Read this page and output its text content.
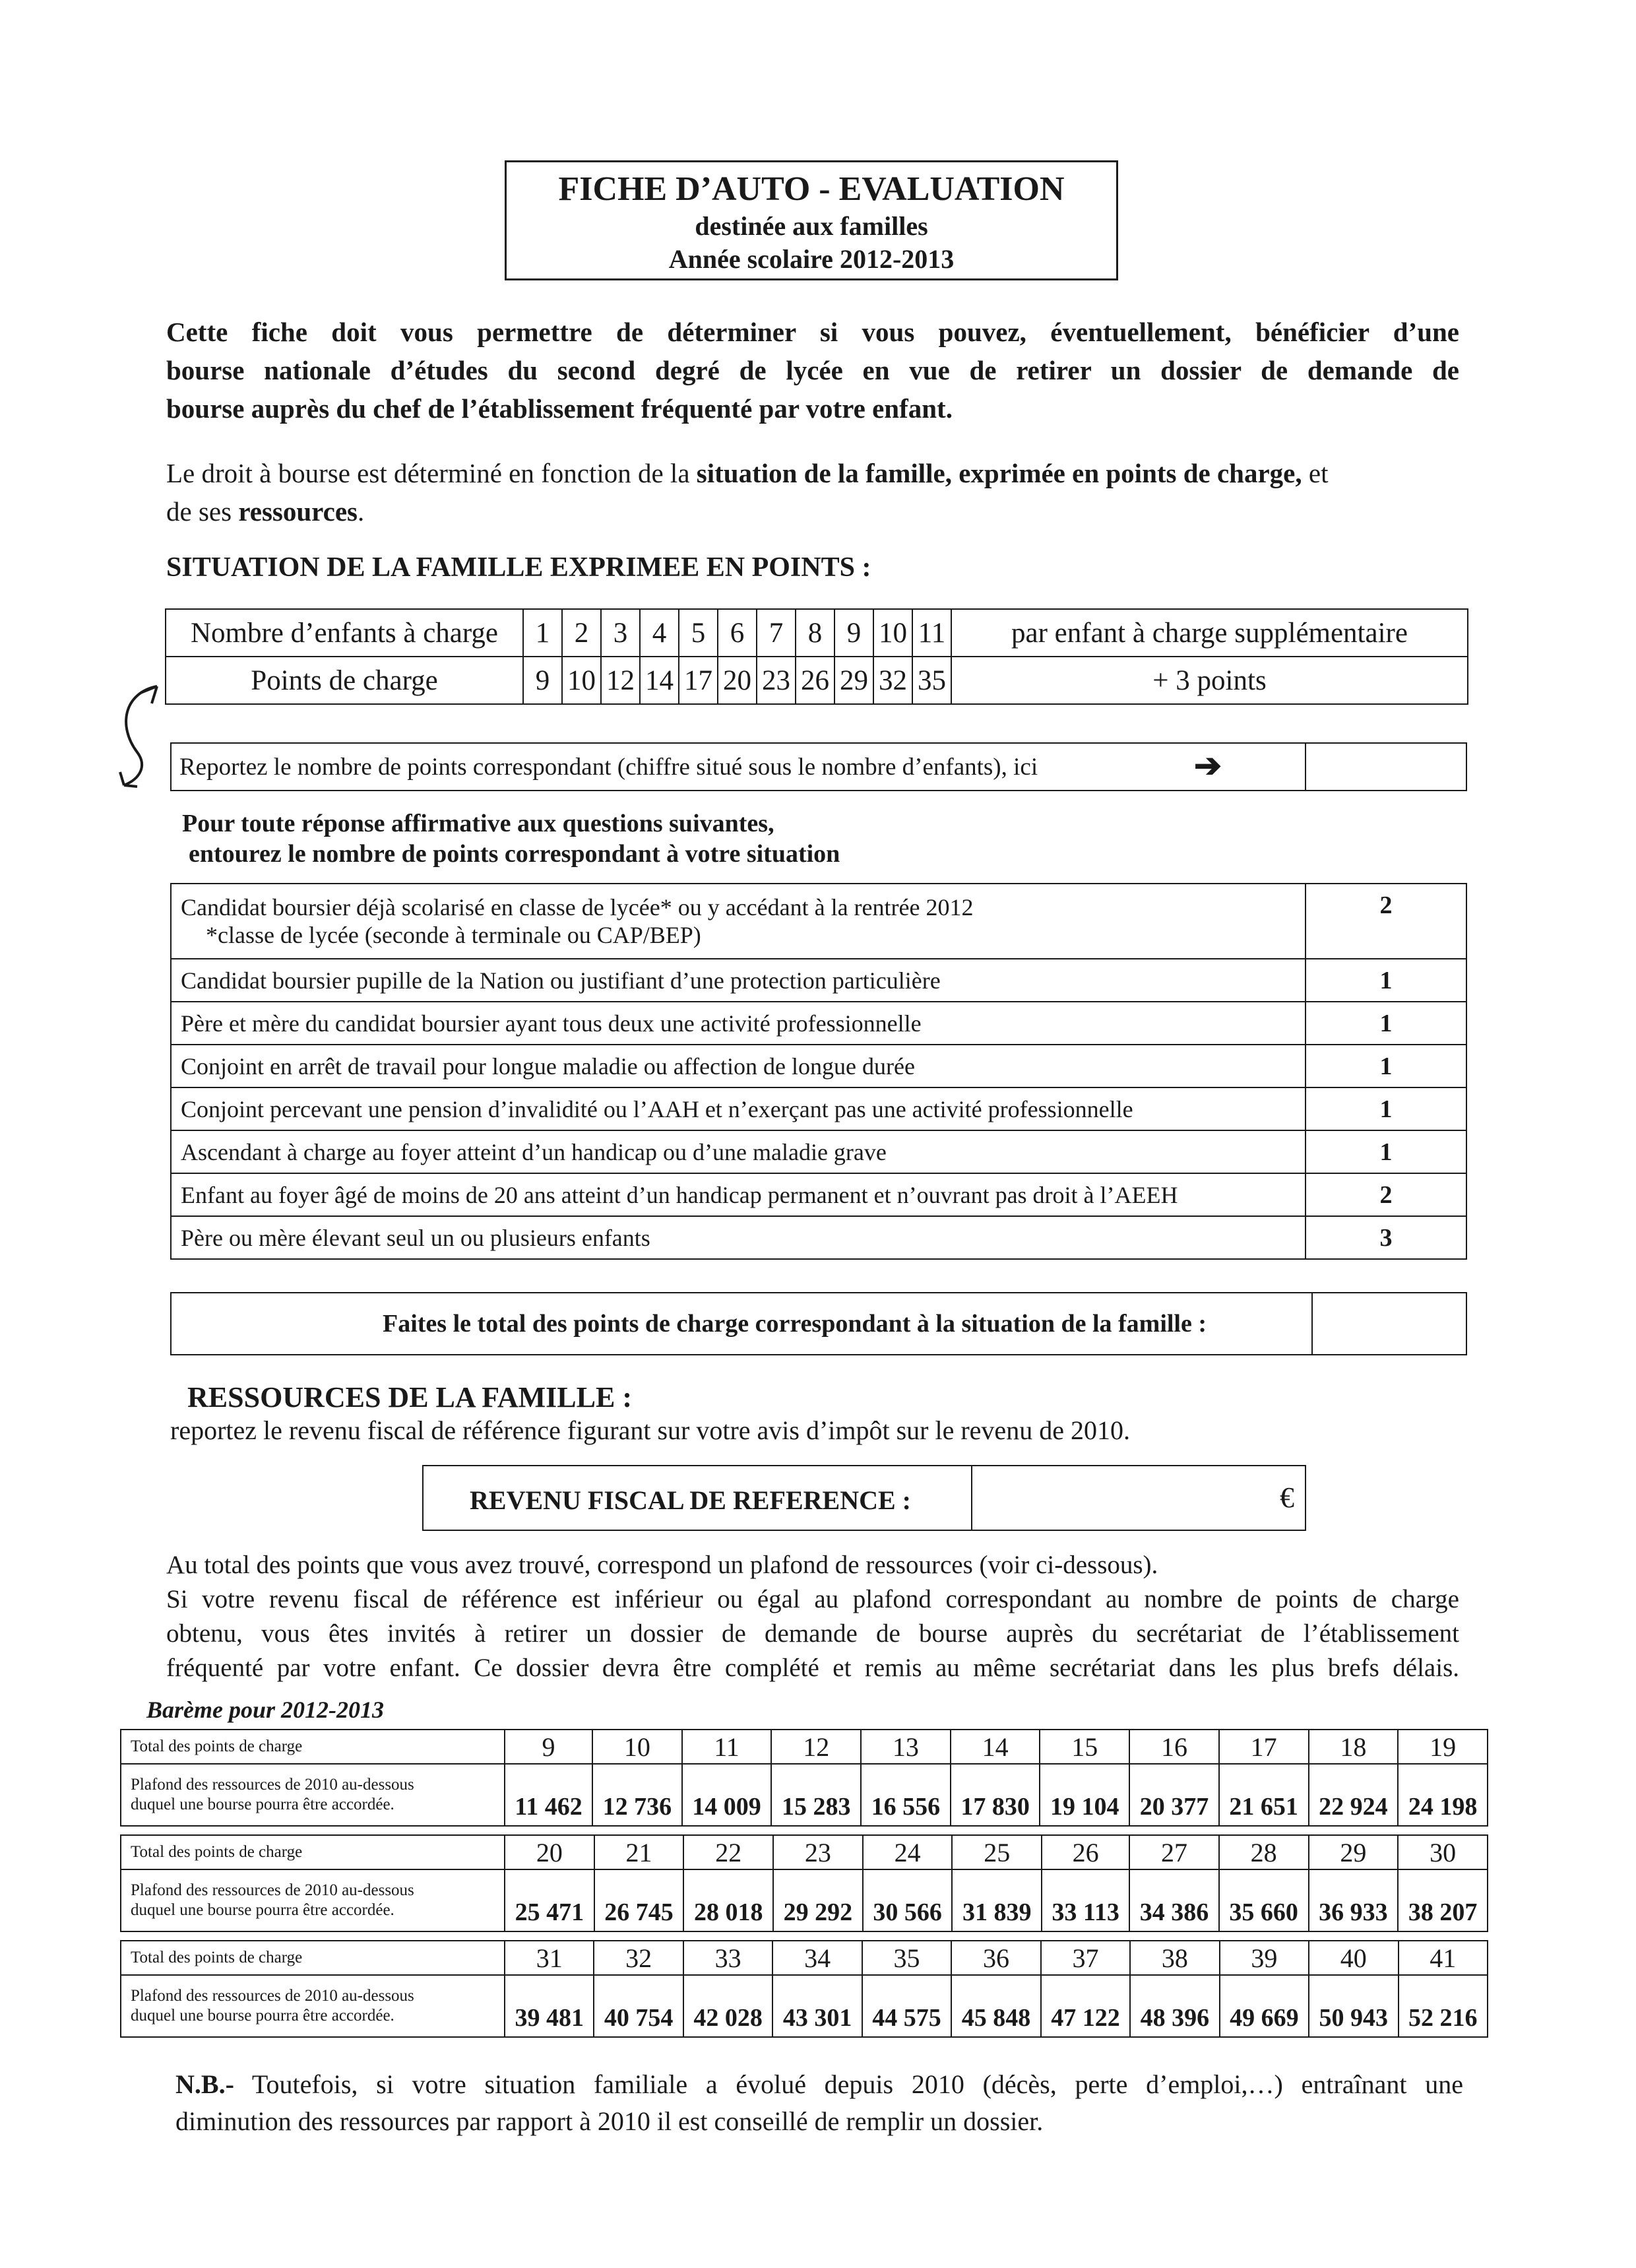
FICHE D’AUTO - EVALUATION
destinée aux familles
Année scolaire 2012-2013
Cette fiche doit vous permettre de déterminer si vous pouvez, éventuellement, bénéficier d’une
bourse nationale d’études du second degré de lycée en vue de retirer un dossier de demande de
bourse auprès du chef de l’établissement fréquenté par votre enfant.
Le droit à bourse est déterminé en fonction de la situation de la famille, exprimée en points de charge, et
de ses ressources.
SITUATION DE LA FAMILLE EXPRIMEE EN POINTS :
Nombre d’enfants à charge	1	2	3	4	5	6	7	8	9	10	11	par enfant à charge supplémentaire
Points de charge	9	10	12	14	17	20	23	26	29	32	35	+ 3 points
Reportez le nombre de points correspondant (chiffre situé sous le nombre d’enfants), ici	➔
Pour toute réponse affirmative aux questions suivantes,
entourez le nombre de points correspondant à votre situation
Candidat boursier déjà scolarisé en classe de lycée* ou y accédant à la rentrée 2012
*classe de lycée (seconde à terminale ou CAP/BEP)	2
Candidat boursier pupille de la Nation ou justifiant d’une protection particulière	1
Père et mère du candidat boursier ayant tous deux une activité professionnelle	1
Conjoint en arrêt de travail pour longue maladie ou affection de longue durée	1
Conjoint percevant une pension d’invalidité ou l’AAH et n’exerçant pas une activité professionnelle	1
Ascendant à charge au foyer atteint d’un handicap ou d’une maladie grave	1
Enfant au foyer âgé de moins de 20 ans atteint d’un handicap permanent et n’ouvrant pas droit à l’AEEH	2
Père ou mère élevant seul un ou plusieurs enfants	3
Faites le total des points de charge correspondant à la situation de la famille :
RESSOURCES DE LA FAMILLE :
reportez le revenu fiscal de référence figurant sur votre avis d’impôt sur le revenu de 2010.
REVENU FISCAL DE REFERENCE :	€
Au total des points que vous avez trouvé, correspond un plafond de ressources (voir ci-dessous).
Si votre revenu fiscal de référence est inférieur ou égal au plafond correspondant au nombre de points de charge
obtenu, vous êtes invités à retirer un dossier de demande de bourse auprès du secrétariat de l’établissement
fréquenté par votre enfant. Ce dossier devra être complété et remis au même secrétariat dans les plus brefs délais.
Barème pour 2012-2013
Total des points de charge	9	10	11	12	13	14	15	16	17	18	19

Plafond des ressources de 2010 au-dessous
duquel une bourse pourra être accordée.	11 462	12 736	14 009	15 283	16 556	17 830	19 104	20 377	21 651	22 924	24 198
Total des points de charge	20	21	22	23	24	25	26	27	28	29	30

Plafond des ressources de 2010 au-dessous
duquel une bourse pourra être accordée.	25 471	26 745	28 018	29 292	30 566	31 839	33 113	34 386	35 660	36 933	38 207
Total des points de charge	31	32	33	34	35	36	37	38	39	40	41

Plafond des ressources de 2010 au-dessous
duquel une bourse pourra être accordée.	39 481	40 754	42 028	43 301	44 575	45 848	47 122	48 396	49 669	50 943	52 216
N.B.- Toutefois, si votre situation familiale a évolué depuis 2010 (décès, perte d’emploi,…) entraînant une
diminution des ressources par rapport à 2010 il est conseillé de remplir un dossier.
